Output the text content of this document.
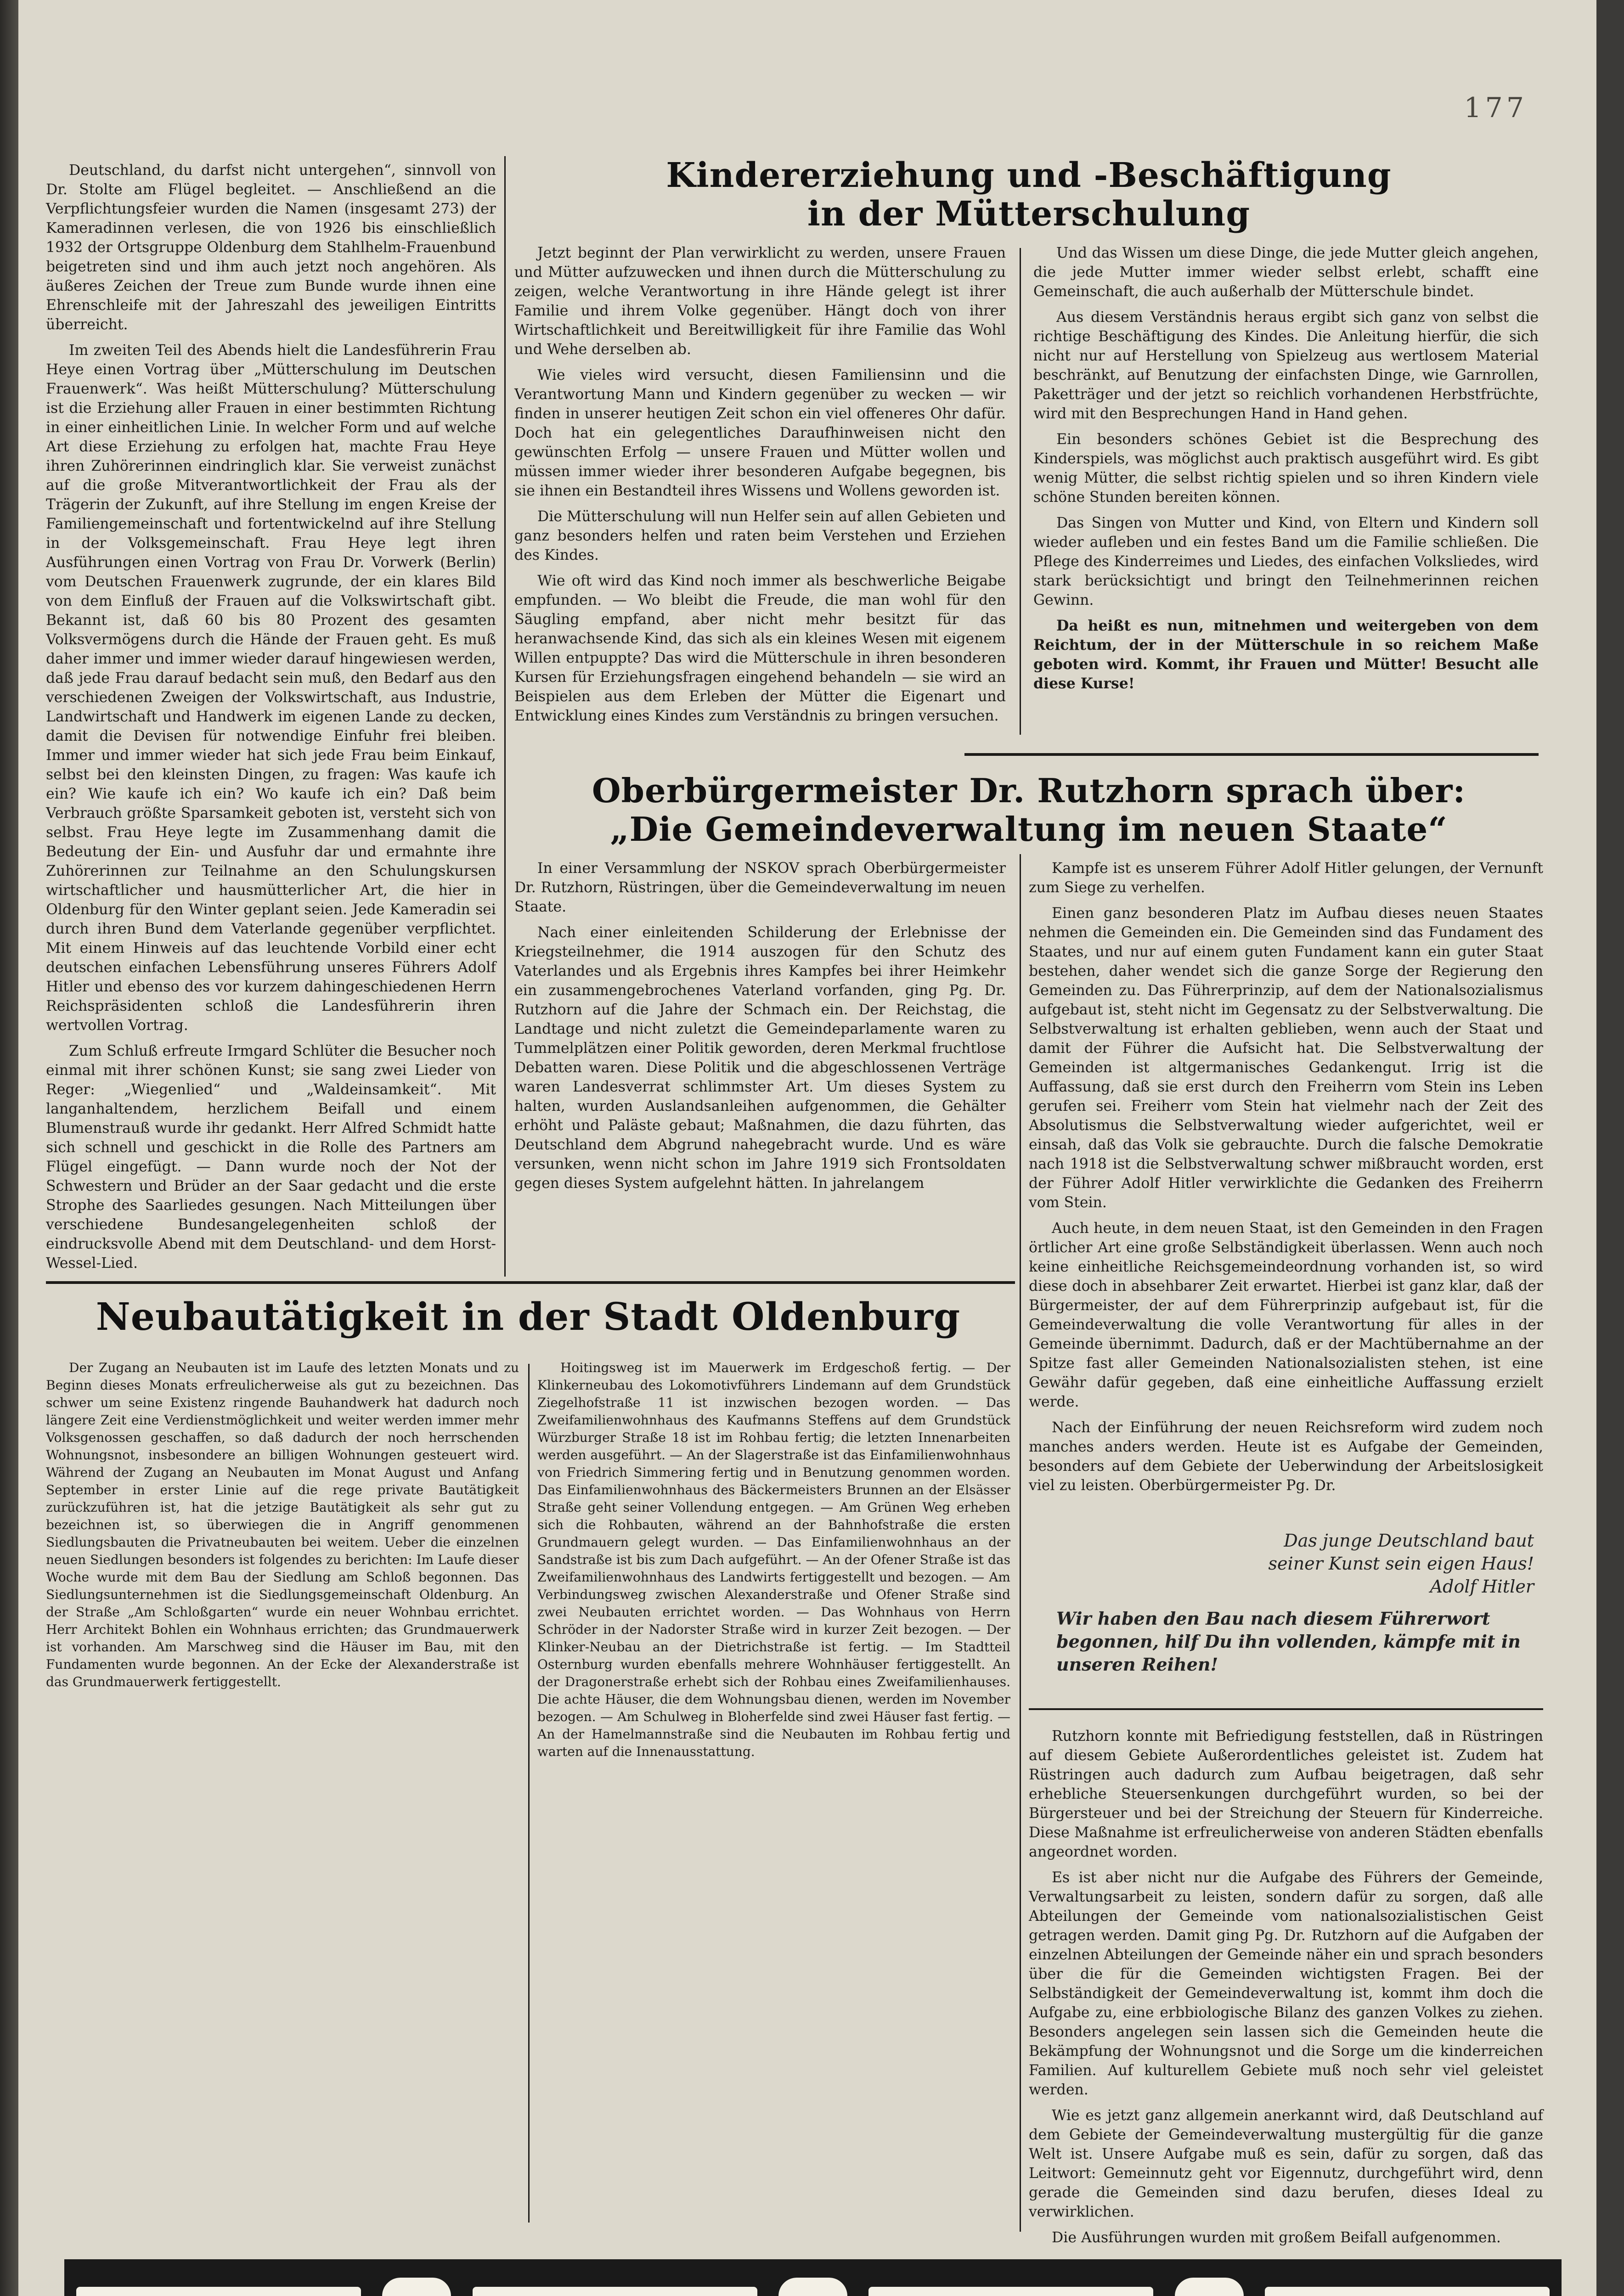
177

Deutschland, du darfst nicht untergehen“, sinnvoll von Dr. Stolte am Flügel begleitet. — Anschließend an die Verpflichtungsfeier wurden die Namen (insgesamt 273) der Kameradinnen verlesen, die von 1926 bis einschließlich 1932 der Ortsgruppe Oldenburg dem Stahlhelm-Frauenbund beigetreten sind und ihm auch jetzt noch angehören. Als äußeres Zeichen der Treue zum Bunde wurde ihnen eine Ehrenschleife mit der Jahreszahl des jeweiligen Eintritts überreicht.

Im zweiten Teil des Abends hielt die Landesführerin Frau Heye einen Vortrag über „Mütterschulung im Deutschen Frauenwerk“. Was heißt Mütterschulung? Mütterschulung ist die Erziehung aller Frauen in einer bestimmten Richtung in einer einheitlichen Linie. In welcher Form und auf welche Art diese Erziehung zu erfolgen hat, machte Frau Heye ihren Zuhörerinnen eindringlich klar. Sie verweist zunächst auf die große Mitverantwortlichkeit der Frau als der Trägerin der Zukunft, auf ihre Stellung im engen Kreise der Familiengemeinschaft und fortentwickelnd auf ihre Stellung in der Volksgemeinschaft. Frau Heye legt ihren Ausführungen einen Vortrag von Frau Dr. Vorwerk (Berlin) vom Deutschen Frauenwerk zugrunde, der ein klares Bild von dem Einfluß der Frauen auf die Volkswirtschaft gibt. Bekannt ist, daß 60 bis 80 Prozent des gesamten Volksvermögens durch die Hände der Frauen geht. Es muß daher immer und immer wieder darauf hingewiesen werden, daß jede Frau darauf bedacht sein muß, den Bedarf aus den verschiedenen Zweigen der Volkswirtschaft, aus Industrie, Landwirtschaft und Handwerk im eigenen Lande zu decken, damit die Devisen für notwendige Einfuhr frei bleiben. Immer und immer wieder hat sich jede Frau beim Einkauf, selbst bei den kleinsten Dingen, zu fragen: Was kaufe ich ein? Wie kaufe ich ein? Wo kaufe ich ein? Daß beim Verbrauch größte Sparsamkeit geboten ist, versteht sich von selbst. Frau Heye legte im Zusammenhang damit die Bedeutung der Ein- und Ausfuhr dar und ermahnte ihre Zuhörerinnen zur Teilnahme an den Schulungskursen wirtschaftlicher und hausmütterlicher Art, die hier in Oldenburg für den Winter geplant seien. Jede Kameradin sei durch ihren Bund dem Vaterlande gegenüber verpflichtet. Mit einem Hinweis auf das leuchtende Vorbild einer echt deutschen einfachen Lebensführung unseres Führers Adolf Hitler und ebenso des vor kurzem dahingeschiedenen Herrn Reichspräsidenten schloß die Landesführerin ihren wertvollen Vortrag.

Zum Schluß erfreute Irmgard Schlüter die Besucher noch einmal mit ihrer schönen Kunst; sie sang zwei Lieder von Reger: „Wiegenlied“ und „Waldeinsamkeit“. Mit langanhaltendem, herzlichem Beifall und einem Blumenstrauß wurde ihr gedankt. Herr Alfred Schmidt hatte sich schnell und geschickt in die Rolle des Partners am Flügel eingefügt. — Dann wurde noch der Not der Schwestern und Brüder an der Saar gedacht und die erste Strophe des Saarliedes gesungen. Nach Mitteilungen über verschiedene Bundesangelegenheiten schloß der eindrucksvolle Abend mit dem Deutschland- und dem Horst-Wessel-Lied.

Kindererziehung und -Beschäftigung
in der Mütterschulung

Jetzt beginnt der Plan verwirklicht zu werden, unsere Frauen und Mütter aufzuwecken und ihnen durch die Mütterschulung zu zeigen, welche Verantwortung in ihre Hände gelegt ist ihrer Familie und ihrem Volke gegenüber. Hängt doch von ihrer Wirtschaftlichkeit und Bereitwilligkeit für ihre Familie das Wohl und Wehe derselben ab.

Wie vieles wird versucht, diesen Familiensinn und die Verantwortung Mann und Kindern gegenüber zu wecken — wir finden in unserer heutigen Zeit schon ein viel offeneres Ohr dafür. Doch hat ein gelegentliches Daraufhinweisen nicht den gewünschten Erfolg — unsere Frauen und Mütter wollen und müssen immer wieder ihrer besonderen Aufgabe begegnen, bis sie ihnen ein Bestandteil ihres Wissens und Wollens geworden ist.

Die Mütterschulung will nun Helfer sein auf allen Gebieten und ganz besonders helfen und raten beim Verstehen und Erziehen des Kindes.

Wie oft wird das Kind noch immer als beschwerliche Beigabe empfunden. — Wo bleibt die Freude, die man wohl für den Säugling empfand, aber nicht mehr besitzt für das heranwachsende Kind, das sich als ein kleines Wesen mit eigenem Willen entpuppte? Das wird die Mütterschule in ihren besonderen Kursen für Erziehungsfragen eingehend behandeln — sie wird an Beispielen aus dem Erleben der Mütter die Eigenart und Entwicklung eines Kindes zum Verständnis zu bringen versuchen.

Und das Wissen um diese Dinge, die jede Mutter gleich angehen, die jede Mutter immer wieder selbst erlebt, schafft eine Gemeinschaft, die auch außerhalb der Mütterschule bindet.

Aus diesem Verständnis heraus ergibt sich ganz von selbst die richtige Beschäftigung des Kindes. Die Anleitung hierfür, die sich nicht nur auf Herstellung von Spielzeug aus wertlosem Material beschränkt, auf Benutzung der einfachsten Dinge, wie Garnrollen, Paketträger und der jetzt so reichlich vorhandenen Herbstfrüchte, wird mit den Besprechungen Hand in Hand gehen.

Ein besonders schönes Gebiet ist die Besprechung des Kinderspiels, was möglichst auch praktisch ausgeführt wird. Es gibt wenig Mütter, die selbst richtig spielen und so ihren Kindern viele schöne Stunden bereiten können.

Das Singen von Mutter und Kind, von Eltern und Kindern soll wieder aufleben und ein festes Band um die Familie schließen. Die Pflege des Kinderreimes und Liedes, des einfachen Volksliedes, wird stark berücksichtigt und bringt den Teilnehmerinnen reichen Gewinn.

Da heißt es nun, mitnehmen und weitergeben von dem Reichtum, der in der Mütterschule in so reichem Maße geboten wird. Kommt, ihr Frauen und Mütter! Besucht alle diese Kurse!

Oberbürgermeister Dr. Rutzhorn sprach über:
„Die Gemeindeverwaltung im neuen Staate“

In einer Versammlung der NSKOV sprach Oberbürgermeister Dr. Rutzhorn, Rüstringen, über die Gemeindeverwaltung im neuen Staate.

Nach einer einleitenden Schilderung der Erlebnisse der Kriegsteilnehmer, die 1914 auszogen für den Schutz des Vaterlandes und als Ergebnis ihres Kampfes bei ihrer Heimkehr ein zusammengebrochenes Vaterland vorfanden, ging Pg. Dr. Rutzhorn auf die Jahre der Schmach ein. Der Reichstag, die Landtage und nicht zuletzt die Gemeindeparlamente waren zu Tummelplätzen einer Politik geworden, deren Merkmal fruchtlose Debatten waren. Diese Politik und die abgeschlossenen Verträge waren Landesverrat schlimmster Art. Um dieses System zu halten, wurden Auslandsanleihen aufgenommen, die Gehälter erhöht und Paläste gebaut; Maßnahmen, die dazu führten, das Deutschland dem Abgrund nahegebracht wurde. Und es wäre versunken, wenn nicht schon im Jahre 1919 sich Frontsoldaten gegen dieses System aufgelehnt hätten. In jahrelangem

Kampfe ist es unserem Führer Adolf Hitler gelungen, der Vernunft zum Siege zu verhelfen.

Einen ganz besonderen Platz im Aufbau dieses neuen Staates nehmen die Gemeinden ein. Die Gemeinden sind das Fundament des Staates, und nur auf einem guten Fundament kann ein guter Staat bestehen, daher wendet sich die ganze Sorge der Regierung den Gemeinden zu. Das Führerprinzip, auf dem der Nationalsozialismus aufgebaut ist, steht nicht im Gegensatz zu der Selbstverwaltung. Die Selbstverwaltung ist erhalten geblieben, wenn auch der Staat und damit der Führer die Aufsicht hat. Die Selbstverwaltung der Gemeinden ist altgermanisches Gedankengut. Irrig ist die Auffassung, daß sie erst durch den Freiherrn vom Stein ins Leben gerufen sei. Freiherr vom Stein hat vielmehr nach der Zeit des Absolutismus die Selbstverwaltung wieder aufgerichtet, weil er einsah, daß das Volk sie gebrauchte. Durch die falsche Demokratie nach 1918 ist die Selbstverwaltung schwer mißbraucht worden, erst der Führer Adolf Hitler verwirklichte die Gedanken des Freiherrn vom Stein.

Auch heute, in dem neuen Staat, ist den Gemeinden in den Fragen örtlicher Art eine große Selbständigkeit überlassen. Wenn auch noch keine einheitliche Reichsgemeindeordnung vorhanden ist, so wird diese doch in absehbarer Zeit erwartet. Hierbei ist ganz klar, daß der Bürgermeister, der auf dem Führerprinzip aufgebaut ist, für die Gemeindeverwaltung die volle Verantwortung für alles in der Gemeinde übernimmt. Dadurch, daß er der Machtübernahme an der Spitze fast aller Gemeinden Nationalsozialisten stehen, ist eine Gewähr dafür gegeben, daß eine einheitliche Auffassung erzielt werde.

Nach der Einführung der neuen Reichsreform wird zudem noch manches anders werden. Heute ist es Aufgabe der Gemeinden, besonders auf dem Gebiete der Ueberwindung der Arbeitslosigkeit viel zu leisten. Oberbürgermeister Pg. Dr.

Das junge Deutschland baut
seiner Kunst sein eigen Haus!
Adolf Hitler
Wir haben den Bau nach diesem Führerwort begonnen, hilf Du ihn vollenden, kämpfe mit in unseren Reihen!

Rutzhorn konnte mit Befriedigung feststellen, daß in Rüstringen auf diesem Gebiete Außerordentliches geleistet ist. Zudem hat Rüstringen auch dadurch zum Aufbau beigetragen, daß sehr erhebliche Steuersenkungen durchgeführt wurden, so bei der Bürgersteuer und bei der Streichung der Steuern für Kinderreiche. Diese Maßnahme ist erfreulicherweise von anderen Städten ebenfalls angeordnet worden.

Es ist aber nicht nur die Aufgabe des Führers der Gemeinde, Verwaltungsarbeit zu leisten, sondern dafür zu sorgen, daß alle Abteilungen der Gemeinde vom nationalsozialistischen Geist getragen werden. Damit ging Pg. Dr. Rutzhorn auf die Aufgaben der einzelnen Abteilungen der Gemeinde näher ein und sprach besonders über die für die Gemeinden wichtigsten Fragen. Bei der Selbständigkeit der Gemeindeverwaltung ist, kommt ihm doch die Aufgabe zu, eine erbbiologische Bilanz des ganzen Volkes zu ziehen. Besonders angelegen sein lassen sich die Gemeinden heute die Bekämpfung der Wohnungsnot und die Sorge um die kinderreichen Familien. Auf kulturellem Gebiete muß noch sehr viel geleistet werden.

Wie es jetzt ganz allgemein anerkannt wird, daß Deutschland auf dem Gebiete der Gemeindeverwaltung mustergültig für die ganze Welt ist. Unsere Aufgabe muß es sein, dafür zu sorgen, daß das Leitwort: Gemeinnutz geht vor Eigennutz, durchgeführt wird, denn gerade die Gemeinden sind dazu berufen, dieses Ideal zu verwirklichen.

Die Ausführungen wurden mit großem Beifall aufgenommen.

Neubautätigkeit in der Stadt Oldenburg

Der Zugang an Neubauten ist im Laufe des letzten Monats und zu Beginn dieses Monats erfreulicherweise als gut zu bezeichnen. Das schwer um seine Existenz ringende Bauhandwerk hat dadurch noch längere Zeit eine Verdienstmöglichkeit und weiter werden immer mehr Volksgenossen geschaffen, so daß dadurch der noch herrschenden Wohnungsnot, insbesondere an billigen Wohnungen gesteuert wird. Während der Zugang an Neubauten im Monat August und Anfang September in erster Linie auf die rege private Bautätigkeit zurückzuführen ist, hat die jetzige Bautätigkeit als sehr gut zu bezeichnen ist, so überwiegen die in Angriff genommenen Siedlungsbauten die Privatneubauten bei weitem. Ueber die einzelnen neuen Siedlungen besonders ist folgendes zu berichten: Im Laufe dieser Woche wurde mit dem Bau der Siedlung am Schloß begonnen. Das Siedlungsunternehmen ist die Siedlungsgemeinschaft Oldenburg. An der Straße „Am Schloßgarten“ wurde ein neuer Wohnbau errichtet. Herr Architekt Bohlen ein Wohnhaus errichten; das Grundmauerwerk ist vorhanden. Am Marschweg sind die Häuser im Bau, mit den Fundamenten wurde begonnen. An der Ecke der Alexanderstraße ist das Grundmauerwerk fertiggestellt.

Hoitingsweg ist im Mauerwerk im Erdgeschoß fertig. — Der Klinkerneubau des Lokomotivführers Lindemann auf dem Grundstück Ziegelhofstraße 11 ist inzwischen bezogen worden. — Das Zweifamilienwohnhaus des Kaufmanns Steffens auf dem Grundstück Würzburger Straße 18 ist im Rohbau fertig; die letzten Innenarbeiten werden ausgeführt. — An der Slagerstraße ist das Einfamilienwohnhaus von Friedrich Simmering fertig und in Benutzung genommen worden. Das Einfamilienwohnhaus des Bäckermeisters Brunnen an der Elsässer Straße geht seiner Vollendung entgegen. — Am Grünen Weg erheben sich die Rohbauten, während an der Bahnhofstraße die ersten Grundmauern gelegt wurden. — Das Einfamilienwohnhaus an der Sandstraße ist bis zum Dach aufgeführt. — An der Ofener Straße ist das Zweifamilienwohnhaus des Landwirts fertiggestellt und bezogen. — Am Verbindungsweg zwischen Alexanderstraße und Ofener Straße sind zwei Neubauten errichtet worden. — Das Wohnhaus von Herrn Schröder in der Nadorster Straße wird in kurzer Zeit bezogen. — Der Klinker-Neubau an der Dietrichstraße ist fertig. — Im Stadtteil Osternburg wurden ebenfalls mehrere Wohnhäuser fertiggestellt. An der Dragonerstraße erhebt sich der Rohbau eines Zweifamilienhauses. Die achte Häuser, die dem Wohnungsbau dienen, werden im November bezogen. — Am Schulweg in Bloherfelde sind zwei Häuser fast fertig. — An der Hamelmannstraße sind die Neubauten im Rohbau fertig und warten auf die Innenausstattung.
